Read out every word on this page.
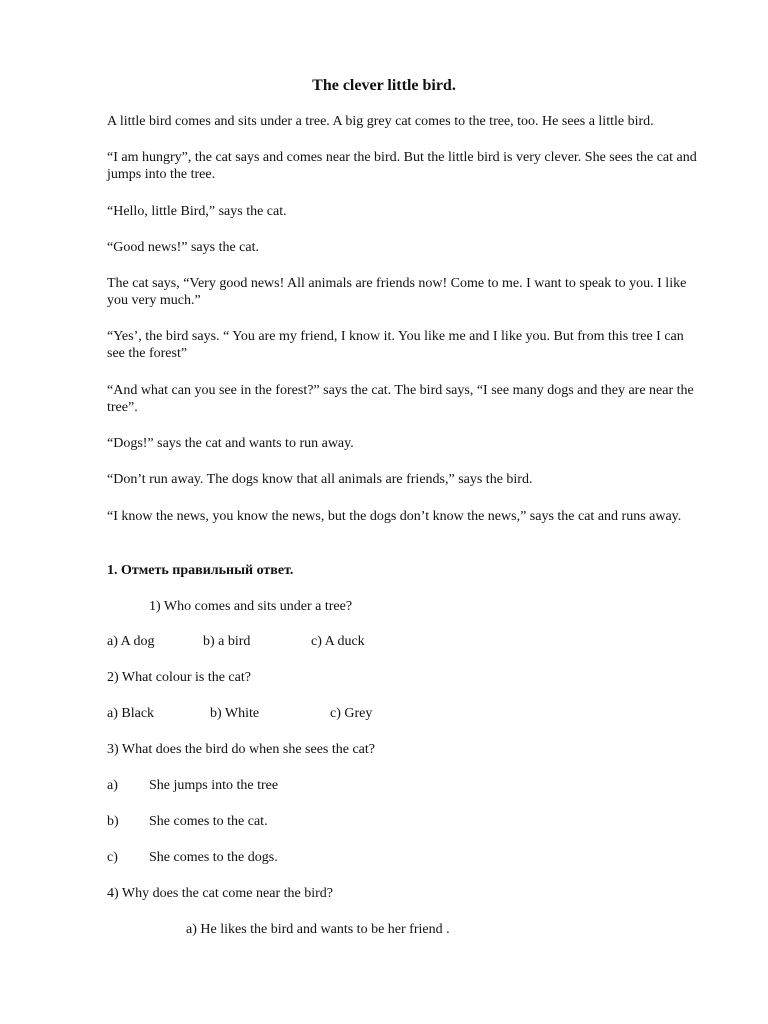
The clever little bird.

A little bird comes and sits under a tree. A big grey cat comes to the tree, too. He sees a little bird.

“I am hungry”, the cat says and comes near the bird. But the little bird is very clever. She sees the cat and jumps into the tree.

“Hello, little Bird,” says the cat.

“Good news!” says the cat.

The cat says, “Very good news! All animals are friends now! Come to me. I want to speak to you. I like you very much.”

“Yes’, the bird says. “ You are my friend, I know it. You like me and I like you. But from this tree I can see the forest”

“And what can you see in the forest?” says the cat. The bird says, “I see many dogs and they are near the tree”.

“Dogs!” says the cat and wants to run away.

“Don’t run away. The dogs know that all animals are friends,” says the bird.

“I know the news, you know the news, but the dogs don’t know the news,” says the cat and runs away.

1. Отметь правильный ответ.

1) Who comes and sits under a tree?
a) A dog	b) a bird	c) A duck
2) What colour is the cat?
a) Black	b) White	c) Grey
3) What does the bird do when she sees the cat?
a) She jumps into the tree
b) She comes to the cat.
c) She comes to the dogs.
4) Why does the cat come near the bird?
a) He likes the bird and wants to be her friend .
